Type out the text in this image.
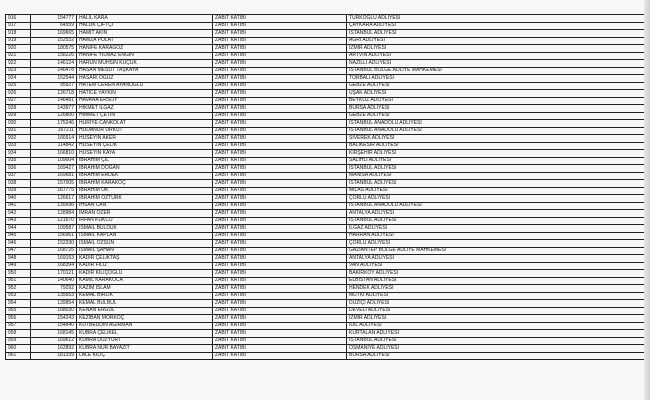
916	154777	HALİL KARA	ZABIT KATİBİ	TÜRKOĞLU ADLİYESİ
917	64559	HALUK ÇİFTÇİ	ZABIT KATİBİ	ÇAYKARA ADLİYESİ
918	169665	HAMİT AKIN	ZABIT KATİBİ	İSTANBUL ADLİYESİ
919	152532	HAMZA POLAT	ZABIT KATİBİ	AĞRI ADLİYESİ
920	180575	HANİFE KARAGÖZ	ZABIT KATİBİ	İZMİR ADLİYESİ
921	158226	HANİFE YILMAZ ENGİN	ZABIT KATİBİ	ARTVİN ADLİYESİ
922	146124	HARUN MUHSİN KÜÇÜK	ZABIT KATİBİ	NAZİLLİ ADLİYESİ
923	146478	HASAN MESUT TAŞKAYA	ZABIT KATİBİ	İSTANBUL BÖLGE ADLİYE MAHKEMESİ
924	152544	HASARİ OĞUZ	ZABIT KATİBİ	TORBALI ADLİYESİ
925	95927	HATEM CEREN AYANOĞLU	ZABIT KATİBİ	GEBZE ADLİYESİ
926	126718	HATİCE YAYKIN	ZABIT KATİBİ	UŞAK ADLİYESİ
927	146481	HAVANA ERSOY	ZABIT KATİBİ	BEYKOZ ADLİYESİ
928	143977	HİKMET ILGAZ	ZABIT KATİBİ	BURSA ADLİYESİ
929	126800	HİMMET ÇETİN	ZABIT KATİBİ	GEBZE ADLİYESİ
930	175246	HURİYE CANKOLAT	ZABIT KATİBİ	İSTANBUL ANADOLU ADLİYESİ
931	167211	HÜDANUR ÜRKÜT	ZABIT KATİBİ	İSTANBUL ANADOLU ADLİYESİ
932	166514	HÜSEYİN AKER	ZABIT KATİBİ	SİVEREK ADLİYESİ
933	114842	HÜSEYİN ÇELİK	ZABIT KATİBİ	BALIKESİR ADLİYESİ
934	166810	HÜSEYİN KAYA	ZABIT KATİBİ	KIRŞEHİR ADLİYESİ
935	109004	İBRAHİM ÇİL	ZABIT KATİBİ	SALİHLİ ADLİYESİ
936	169427	İBRAHİM DOĞAN	ZABIT KATİBİ	İSTANBUL ADLİYESİ
937	169681	İBRAHİM ERDEK	ZABIT KATİBİ	MANİSA ADLİYESİ
938	157005	İBRAHİM KARAKOÇ	ZABIT KATİBİ	İSTANBUL ADLİYESİ
939	167775	İBRAHİM OK	ZABIT KATİBİ	MİLAS ADLİYESİ
940	126617	İBRAHİM ÖZTÜRK	ZABIT KATİBİ	ÇORLU ADLİYESİ
941	135696	İHSAN CAN	ZABIT KATİBİ	İSTANBUL ANADOLU ADLİYESİ
942	128984	İMRAN ÖZER	ZABIT KATİBİ	ANTALYA ADLİYESİ
943	121670	İRFAN KÜKCÜ	ZABIT KATİBİ	İSTANBUL ADLİYESİ
944	109587	İSMAİL BULDUK	ZABIT KATİBİ	ILGAZ ADLİYESİ
945	156961	İSMAİL KAPLAN	ZABIT KATİBİ	HARRAN ADLİYESİ
946	152330	İSMAİL ÖZSÜN	ZABIT KATİBİ	ÇORLU ADLİYESİ
947	168725	İSMAİL ŞAHAN	ZABIT KATİBİ	GAZİANTEP BÖLGE ADLİYE MAHKEMESİ
948	169153	KADİR ÇELİKTAŞ	ZABIT KATİBİ	ANTALYA ADLİYESİ
949	168394	KADİR FİLİZ	ZABIT KATİBİ	VAN ADLİYESİ
950	170121	KADİR KILIÇOĞLU	ZABIT KATİBİ	BAKIRKÖY ADLİYESİ
951	140640	KAMİL KARAKOCA	ZABIT KATİBİ	ELBİSTAN ADLİYESİ
952	79292	KAZIM İSLAM	ZABIT KATİBİ	HENDEK ADLİYESİ
953	135653	KEMAL BİRLİK	ZABIT KATİBİ	MUTKİ ADLİYESİ
954	139954	KEMAL BÜLBÜL	ZABIT KATİBİ	DÜZİÇİ ADLİYESİ
955	168030	KENAN ERGÜL	ZABIT KATİBİ	DEVELİ ADLİYESİ
956	154243	KEZİBAN MORKOÇ	ZABIT KATİBİ	İZMİR ADLİYESİ
957	154840	KUTBEDDİN AĞIRMAN	ZABIT KATİBİ	İDİL ADLİYESİ
958	168145	KÜBRA ÇELİKEL	ZABIT KATİBİ	KURTALAN ADLİYESİ
959	169612	KÜBRA DÜZYURT	ZABIT KATİBİ	İSTANBUL ADLİYESİ
960	162892	KÜBRA NUR BAYAZIT	ZABIT KATİBİ	OSMANİYE ADLİYESİ
961	181339	LALE KILIÇ	ZABIT KATİBİ	BURSA ADLİYESİ
